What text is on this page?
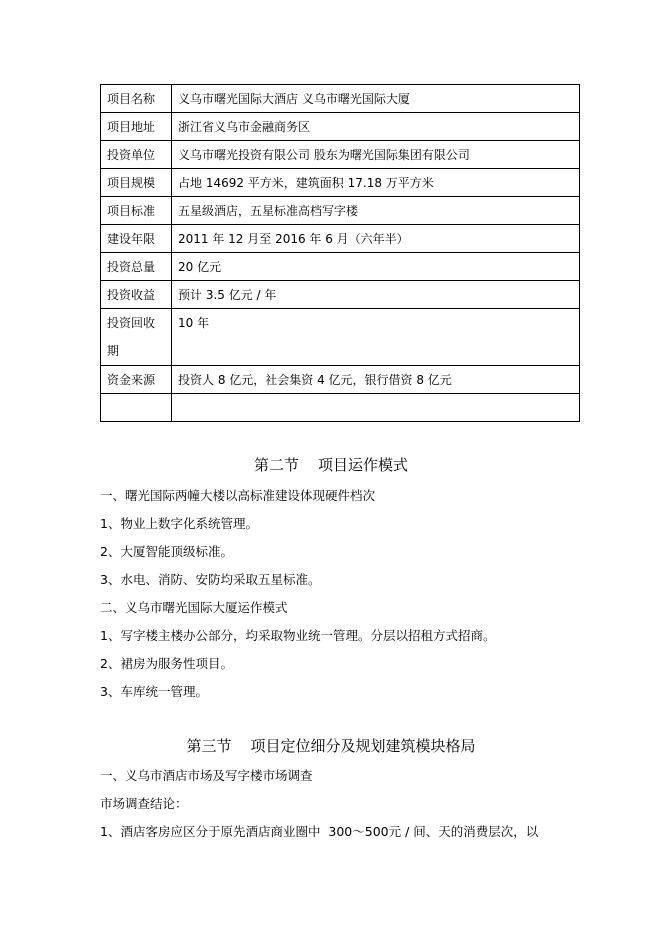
项目名称	义乌市曙光国际大酒店 义乌市曙光国际大厦
项目地址	浙江省义乌市金融商务区
投资单位	义乌市曙光投资有限公司 股东为曙光国际集团有限公司
项目规模	占地 14692 平方米，建筑面积 17.18 万平方米
项目标准	五星级酒店，五星标准高档写字楼
建设年限	2011 年 12 月至 2016 年 6 月（六年半）
投资总量	20 亿元
投资收益	预计 3.5 亿元 / 年
投资回收期	10 年
资金来源	投资人 8 亿元，社会集资 4 亿元，银行借资 8 亿元

第二节    项目运作模式
一、曙光国际两幢大楼以高标准建设体现硬件档次
1、物业上数字化系统管理。
2、大厦智能顶级标准。
3、水电、消防、安防均采取五星标准。
二、义乌市曙光国际大厦运作模式
1、写字楼主楼办公部分，均采取物业统一管理。分层以招租方式招商。
2、裙房为服务性项目。
3、车库统一管理。
第三节    项目定位细分及规划建筑模块格局
一、义乌市酒店市场及写字楼市场调查
市场调查结论：
1、酒店客房应区分于原先酒店商业圈中  300～500元 / 间、天的消费层次，以
